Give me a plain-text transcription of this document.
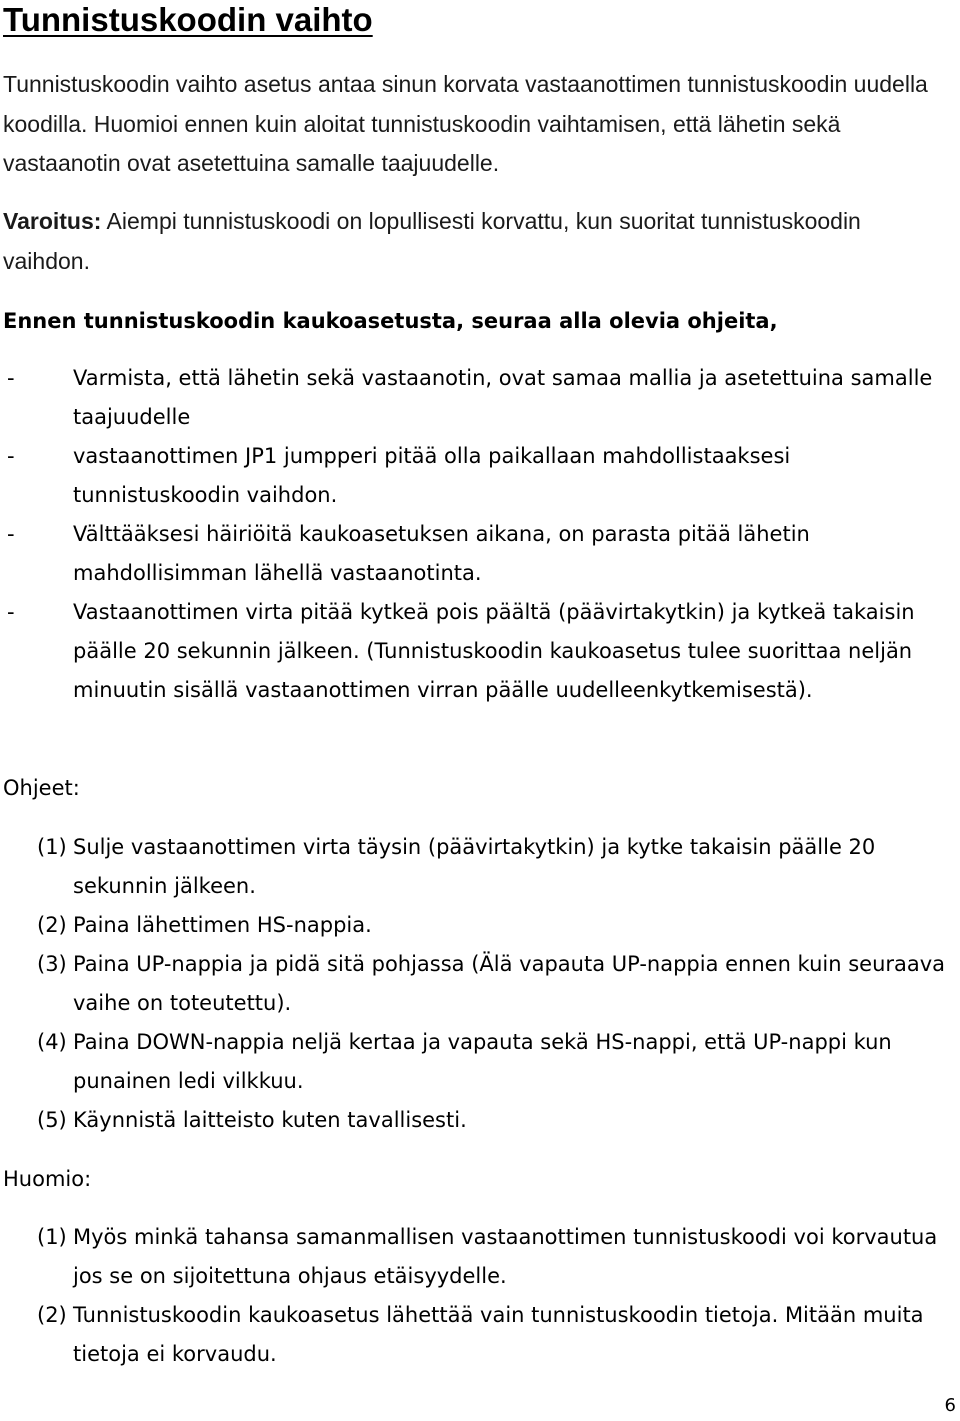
Tunnistuskoodin vaihto

Tunnistuskoodin vaihto asetus antaa sinun korvata vastaanottimen tunnistuskoodin uudella koodilla. Huomioi ennen kuin aloitat tunnistuskoodin vaihtamisen, että lähetin sekä vastaanotin ovat asetettuina samalle taajuudelle.

Varoitus: Aiempi tunnistuskoodi on lopullisesti korvattu, kun suoritat tunnistuskoodin vaihdon.

Ennen tunnistuskoodin kaukoasetusta, seuraa alla olevia ohjeita,

-	Varmista, että lähetin sekä vastaanotin, ovat samaa mallia ja asetettuina samalle taajuudelle
-	vastaanottimen JP1 jumpperi pitää olla paikallaan mahdollistaaksesi tunnistuskoodin vaihdon.
-	Välttääksesi häiriöitä kaukoasetuksen aikana, on parasta pitää lähetin mahdollisimman lähellä vastaanotinta.
-	Vastaanottimen virta pitää kytkeä pois päältä (päävirtakytkin) ja kytkeä takaisin päälle 20 sekunnin jälkeen. (Tunnistuskoodin kaukoasetus tulee suorittaa neljän minuutin sisällä vastaanottimen virran päälle uudelleenkytkemisestä).

Ohjeet:

(1) Sulje vastaanottimen virta täysin (päävirtakytkin) ja kytke takaisin päälle 20 sekunnin jälkeen.
(2) Paina lähettimen HS-nappia.
(3) Paina UP-nappia ja pidä sitä pohjassa (Älä vapauta UP-nappia ennen kuin seuraava vaihe on toteutettu).
(4) Paina DOWN-nappia neljä kertaa ja vapauta sekä HS-nappi, että UP-nappi kun punainen ledi vilkkuu.
(5) Käynnistä laitteisto kuten tavallisesti.

Huomio:

(1) Myös minkä tahansa samanmallisen vastaanottimen tunnistuskoodi voi korvautua jos se on sijoitettuna ohjaus etäisyydelle.
(2) Tunnistuskoodin kaukoasetus lähettää vain tunnistuskoodin tietoja. Mitään muita tietoja ei korvaudu.
6
